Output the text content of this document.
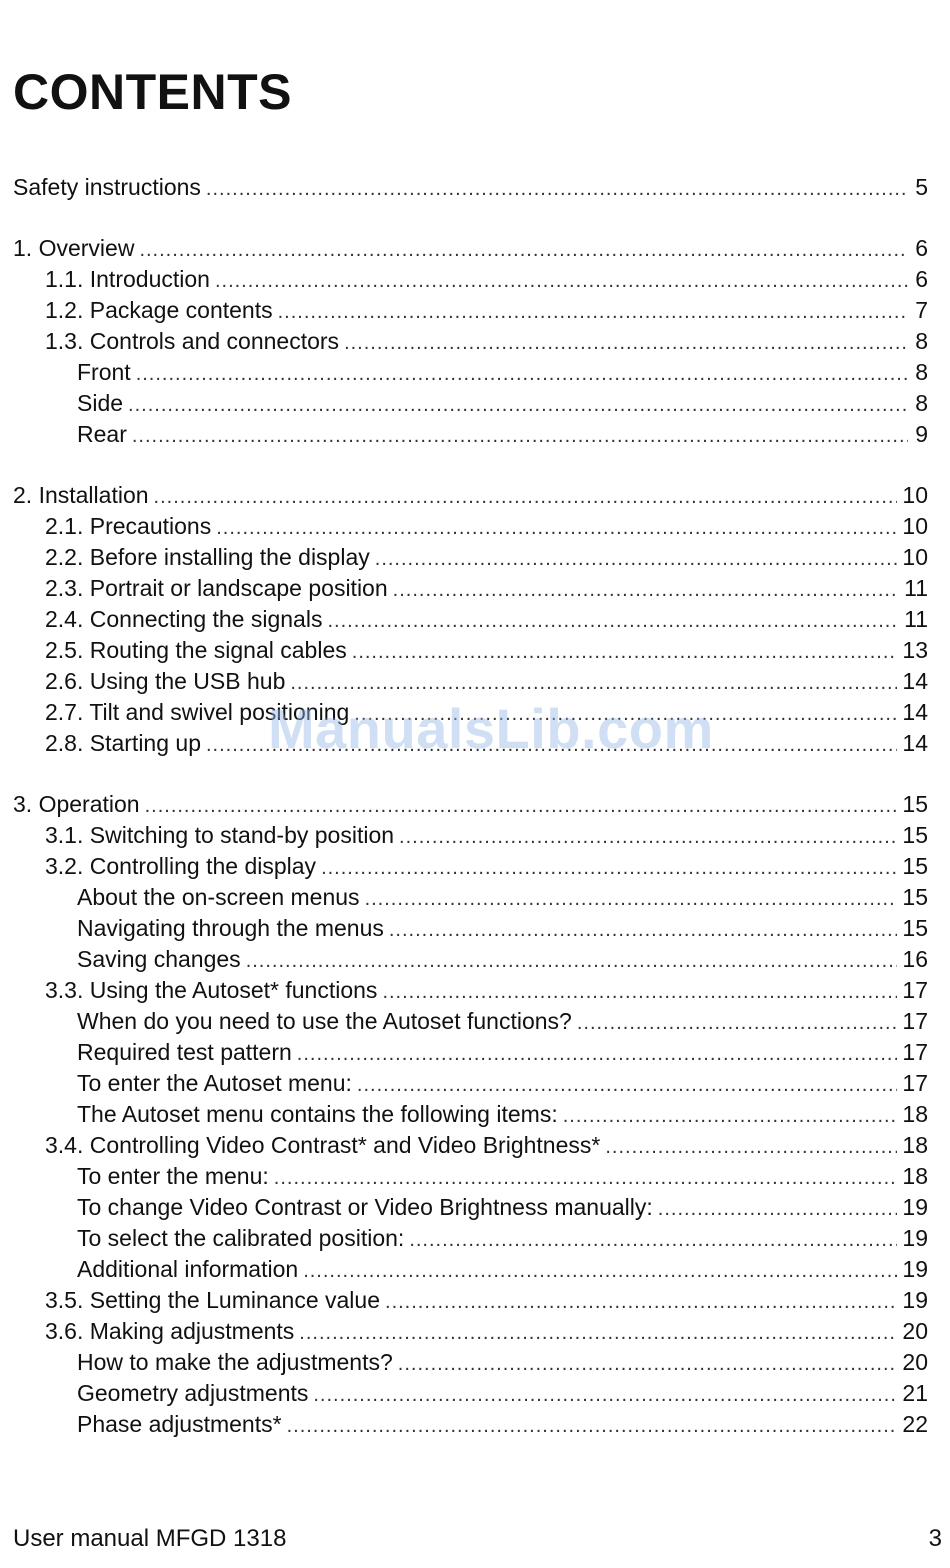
CONTENTS
Safety instructions .....	5
1. Overview .....	6
1.1. Introduction .....	6
1.2. Package contents .....	7
1.3. Controls and connectors .....	8
Front .....	8
Side .....	8
Rear .....	9
2. Installation .....	10
2.1. Precautions .....	10
2.2. Before installing the display .....	10
2.3. Portrait or landscape position .....	11
2.4. Connecting the signals .....	11
2.5. Routing the signal cables .....	13
2.6. Using the USB hub .....	14
2.7. Tilt and swivel positioning .....	14
2.8. Starting up .....	14
3. Operation .....	15
3.1. Switching to stand-by position .....	15
3.2. Controlling the display .....	15
About the on-screen menus .....	15
Navigating through the menus .....	15
Saving changes .....	16
3.3. Using the Autoset* functions .....	17
When do you need to use the Autoset functions? .....	17
Required test pattern .....	17
To enter the Autoset menu: .....	17
The Autoset menu contains the following items: .....	18
3.4. Controlling Video Contrast* and Video Brightness* .....	18
To enter the menu: .....	18
To change Video Contrast or Video Brightness manually: .....	19
To select the calibrated position: .....	19
Additional information .....	19
3.5. Setting the Luminance value .....	19
3.6. Making adjustments .....	20
How to make the adjustments? .....	20
Geometry adjustments .....	21
Phase adjustments* .....	22
ManualsLib.com
User manual MFGD 1318	3
